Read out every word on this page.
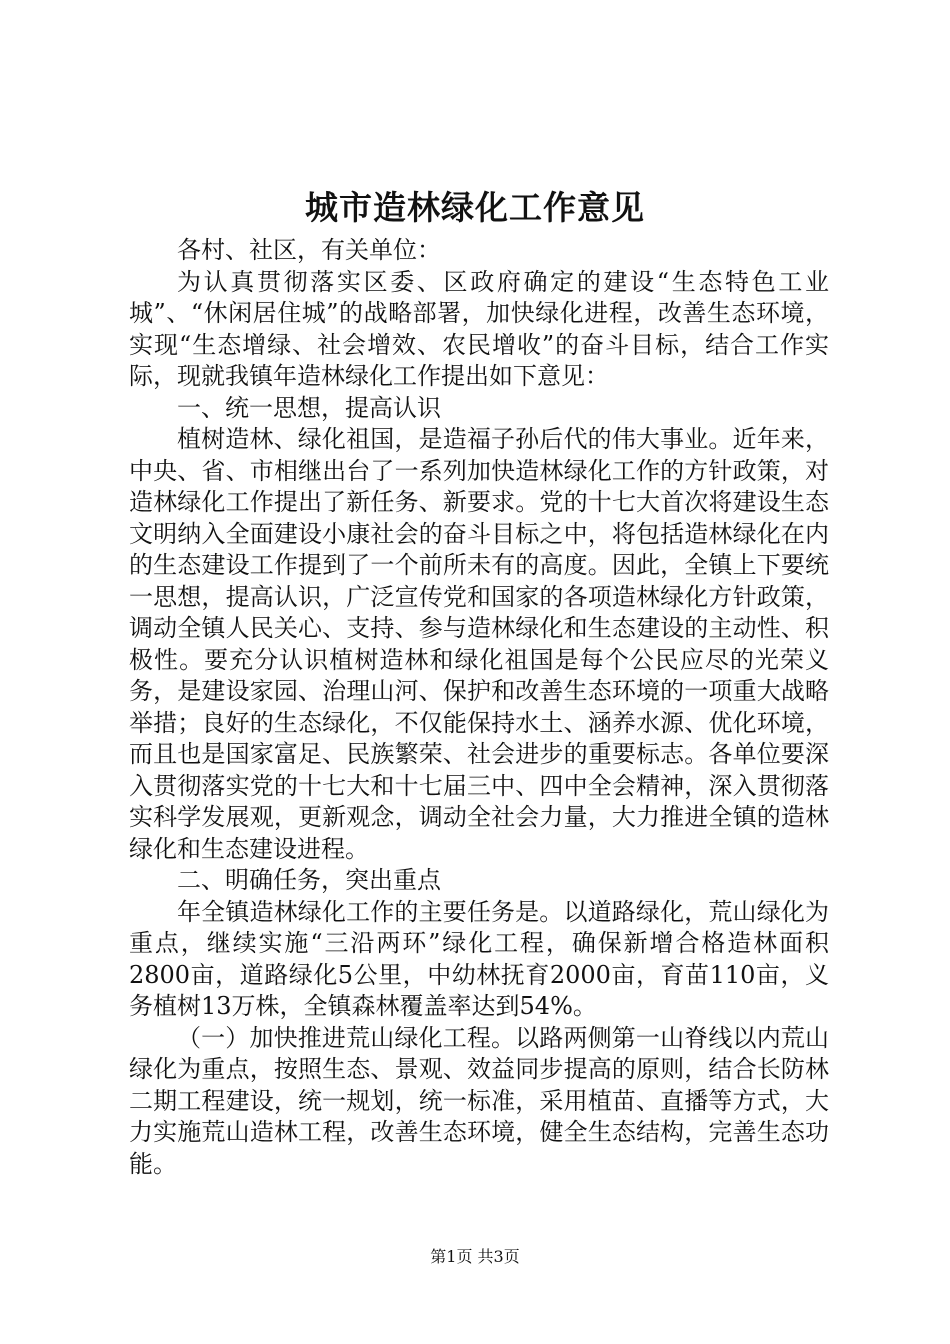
城市造林绿化工作意见

各村、社区，有关单位：

为认真贯彻落实区委、区政府确定的建设“生态特色工业城”、“休闲居住城”的战略部署，加快绿化进程，改善生态环境，实现“生态增绿、社会增效、农民增收”的奋斗目标，结合工作实际，现就我镇年造林绿化工作提出如下意见：

一、统一思想，提高认识

植树造林、绿化祖国，是造福子孙后代的伟大事业。近年来，中央、省、市相继出台了一系列加快造林绿化工作的方针政策，对造林绿化工作提出了新任务、新要求。党的十七大首次将建设生态文明纳入全面建设小康社会的奋斗目标之中，将包括造林绿化在内的生态建设工作提到了一个前所未有的高度。因此，全镇上下要统一思想，提高认识，广泛宣传党和国家的各项造林绿化方针政策，调动全镇人民关心、支持、参与造林绿化和生态建设的主动性、积极性。要充分认识植树造林和绿化祖国是每个公民应尽的光荣义务，是建设家园、治理山河、保护和改善生态环境的一项重大战略举措；良好的生态绿化，不仅能保持水土、涵养水源、优化环境，而且也是国家富足、民族繁荣、社会进步的重要标志。各单位要深入贯彻落实党的十七大和十七届三中、四中全会精神，深入贯彻落实科学发展观，更新观念，调动全社会力量，大力推进全镇的造林绿化和生态建设进程。

二、明确任务，突出重点

年全镇造林绿化工作的主要任务是。以道路绿化，荒山绿化为重点，继续实施“三沿两环”绿化工程，确保新增合格造林面积2800亩，道路绿化5公里，中幼林抚育2000亩，育苗110亩，义务植树13万株，全镇森林覆盖率达到54%。

（一）加快推进荒山绿化工程。以路两侧第一山脊线以内荒山绿化为重点，按照生态、景观、效益同步提高的原则，结合长防林二期工程建设，统一规划，统一标准，采用植苗、直播等方式，大力实施荒山造林工程，改善生态环境，健全生态结构，完善生态功能。

第1页 共3页
